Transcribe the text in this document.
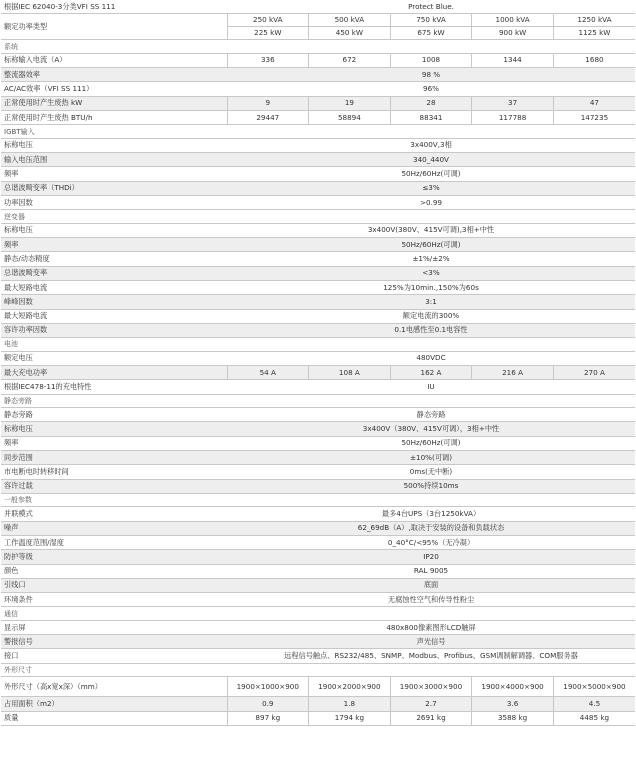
根据IEC 62040-3分类VFI SS 111	Protect Blue.				
额定功率类型	250 kVA	500 kVA	750 kVA	1000 kVA	1250 kVA
	225 kW	450 kW	675 kW	900 kW	1125 kW
系统					
标称输入电流（A）	336	672	1008	1344	1680
整流器效率	98 %				
AC/AC效率（VFI SS 111）	96%				
正常使用时产生废热 kW	9	19	28	37	47
正常使用时产生废热 BTU/h	29447	58894	88341	117788	147235
IGBT输入					
标称电压	3x400V,3相				
输入电压范围	340_440V				
频率	50Hz/60Hz(可调)				
总谐波畸变率（THDi）	≤3%				
功率因数	>0.99				
逆变器					
标称电压	3x400V(380V、415V可调),3相+中性				
频率	50Hz/60Hz(可调)				
静态/动态精度	±1%/±2%				
总谐波畸变率	<3%				
最大短路电流	125%为10min.,150%为60s				
峰峰因数	3:1				
最大短路电流	额定电流的300%				
容许功率因数	0.1电感性至0.1电容性				
电池					
额定电压	480VDC				
最大充电功率	54 A	108 A	162 A	216 A	270 A
根据IEC478-11的充电特性	IU				
静态旁路					
静态旁路	静态旁路				
标称电压	3x400V（380V、415V可调），3相+中性				
频率	50Hz/60Hz(可调)				
同步范围	±10%(可调)				
市电断电时转移时间	0ms(无中断)				
容许过载	500%持续10ms				
一般参数					
并联模式	最多4台UPS（3台1250kVA）				
噪声	62_69dB（A）,取决于安装的设备和负载状态				
工作温度范围/湿度	0_40°C/<95%（无冷凝）				
防护等级	IP20				
颜色	RAL 9005				
引线口	底面				
环境条件	无腐蚀性空气和传导性粉尘				
通信					
显示屏	480x800像素图形LCD触屏				
警报信号	声光信号				
接口	远程信号触点、RS232/485、SNMP、Modbus、Profibus、GSM调制解调器、COM服务器				
外形尺寸					
外形尺寸（高x宽x深）（mm）	1900×1000×900	1900×2000×900	1900×3000×900	1900×4000×900	1900×5000×900
占用面积（m2）	0.9	1.8	2.7	3.6	4.5
质量	897 kg	1794 kg	2691 kg	3588 kg	4485 kg
